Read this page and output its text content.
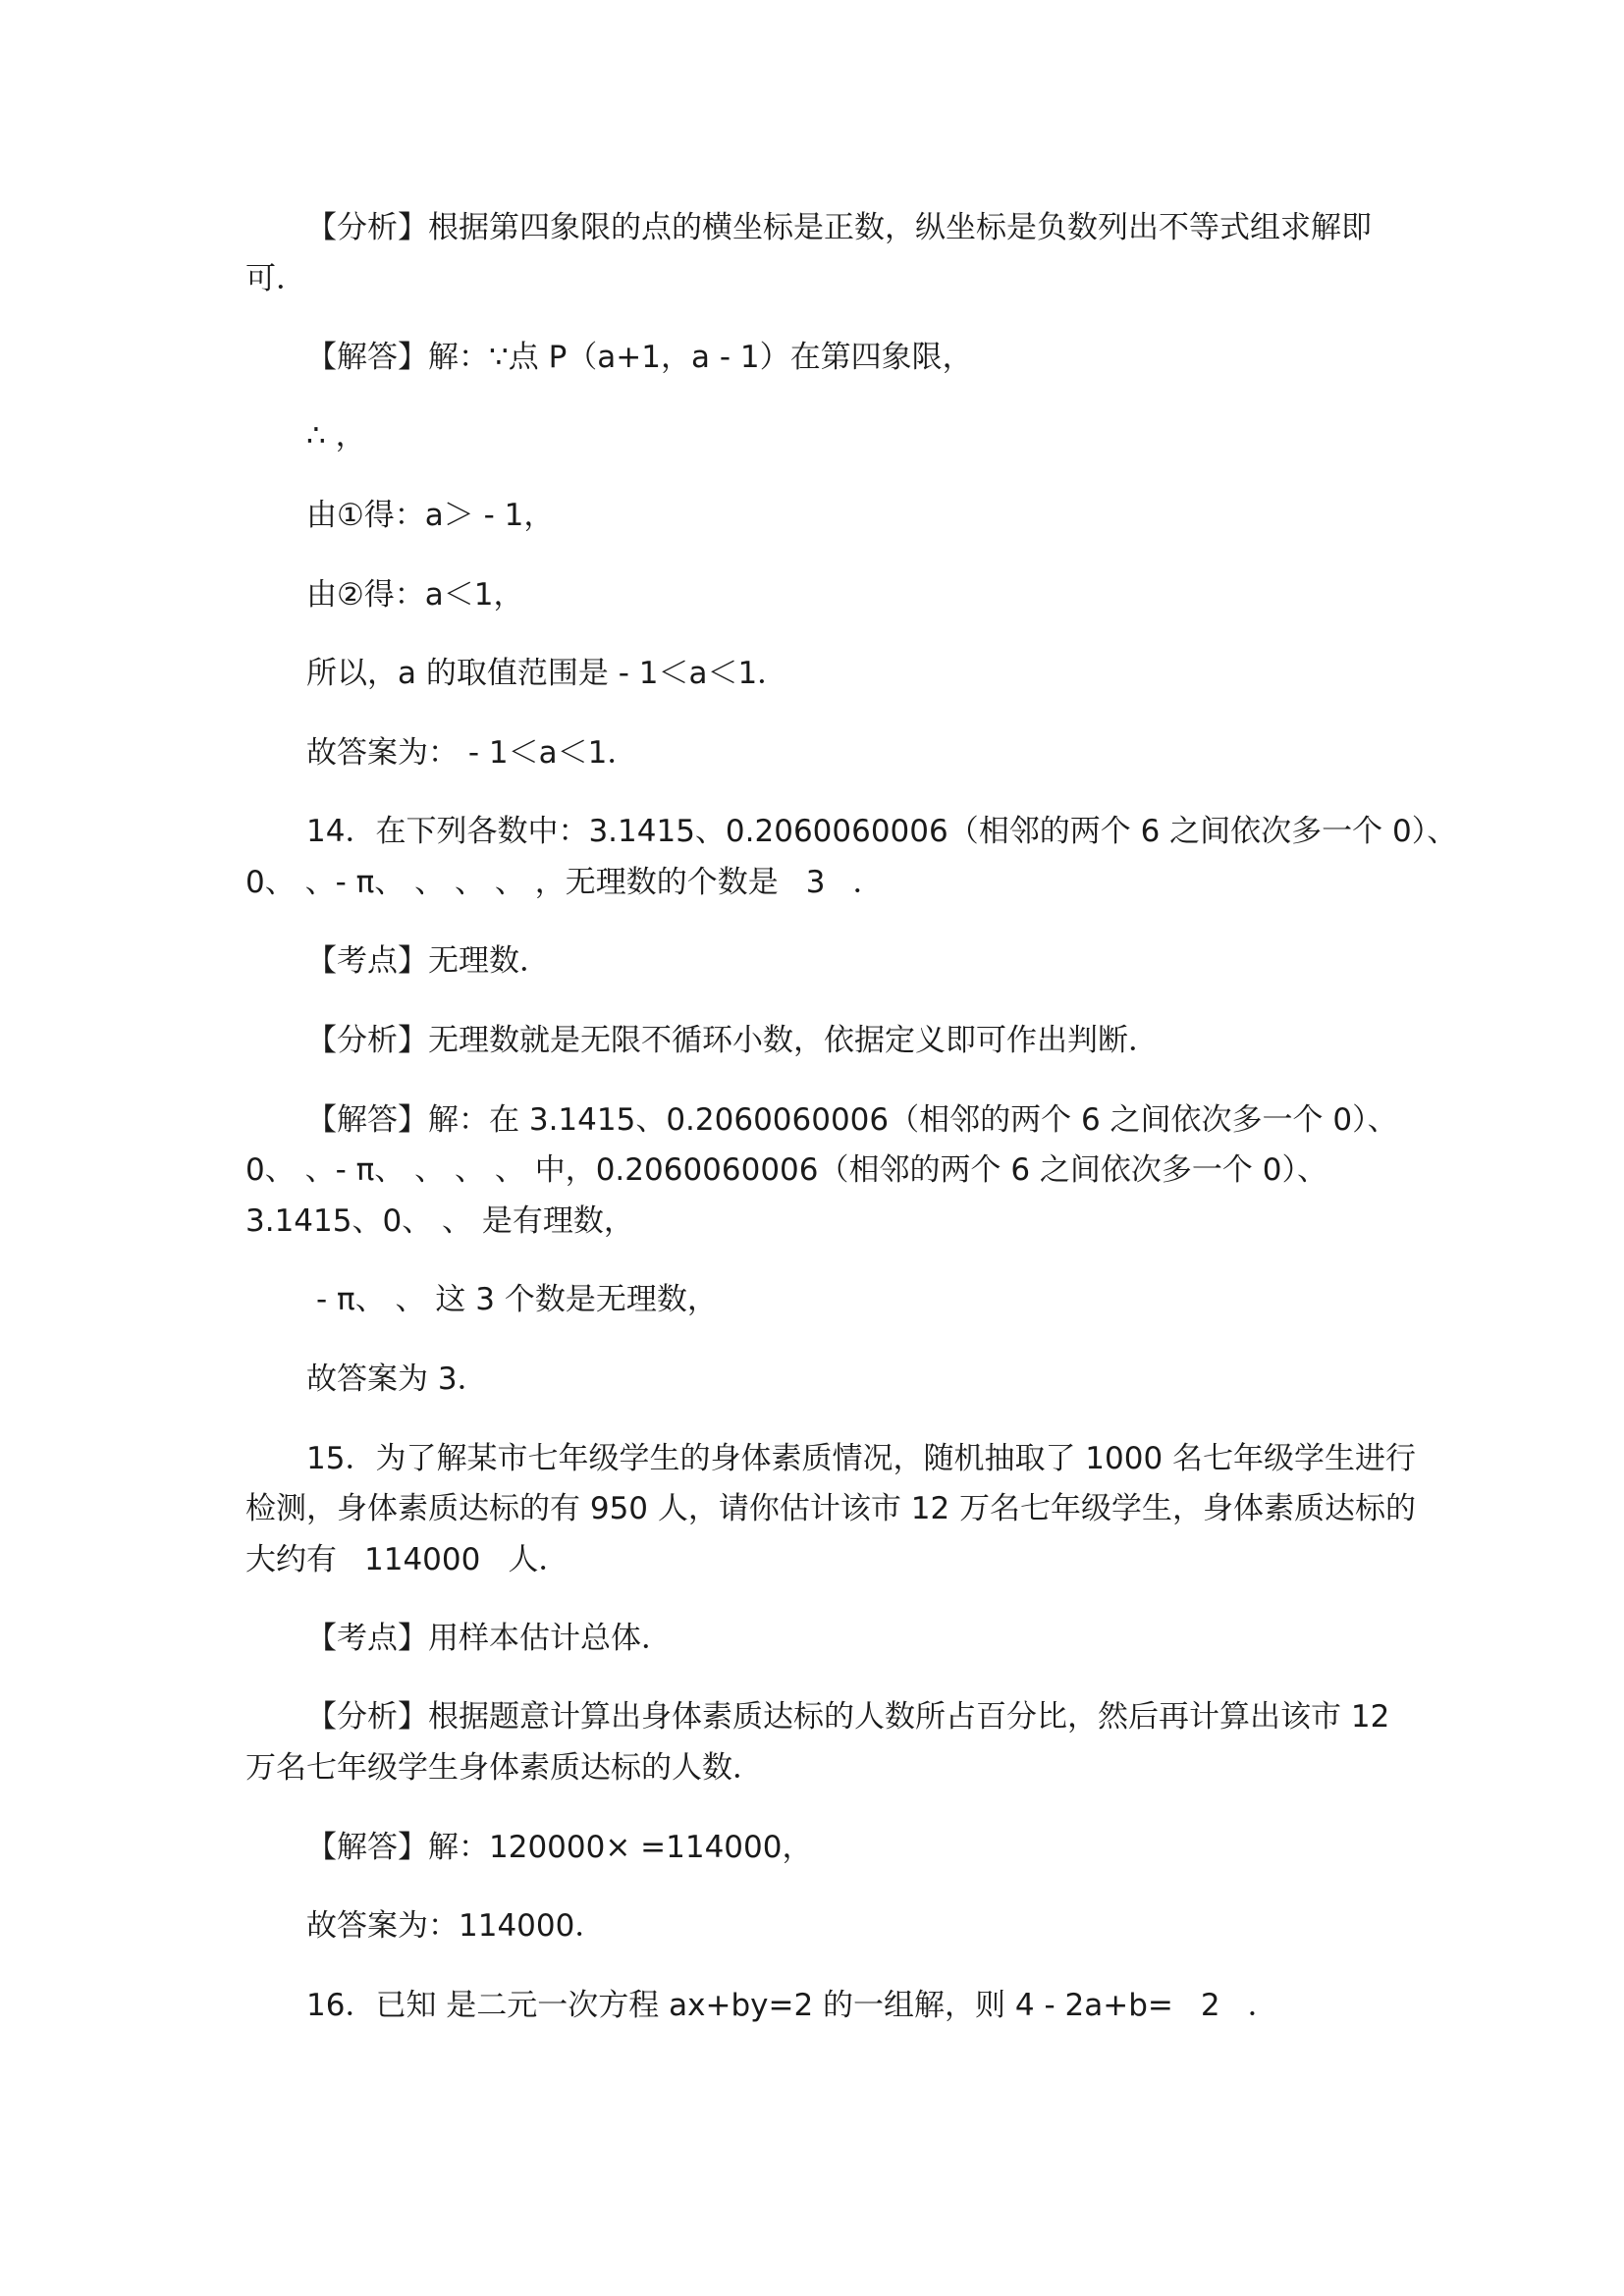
【分析】根据第四象限的点的横坐标是正数，纵坐标是负数列出不等式组求解即
可．
【解答】解：∵点 P（a+1，a - 1）在第四象限，
∴ ，
由①得：a＞ - 1，
由②得：a＜1，
所以，a 的取值范围是 - 1＜a＜1．
故答案为： - 1＜a＜1．
14．在下列各数中：3.1415、0.2060060006（相邻的两个 6 之间依次多一个 0）、
0、 、- π、 、 、 、 ，无理数的个数是 3 ．
【考点】无理数．
【分析】无理数就是无限不循环小数，依据定义即可作出判断．
【解答】解：在 3.1415、0.2060060006（相邻的两个 6 之间依次多一个 0）、
0、 、- π、 、 、 、 中，0.2060060006（相邻的两个 6 之间依次多一个 0）、
3.1415、0、 、 是有理数，
- π、 、 这 3 个数是无理数，
故答案为 3．
15．为了解某市七年级学生的身体素质情况，随机抽取了 1000 名七年级学生进行
检测，身体素质达标的有 950 人，请你估计该市 12 万名七年级学生，身体素质达标的
大约有 114000 人．
【考点】用样本估计总体．
【分析】根据题意计算出身体素质达标的人数所占百分比，然后再计算出该市 12
万名七年级学生身体素质达标的人数．
【解答】解：120000× =114000，
故答案为：114000．
16．已知 是二元一次方程 ax+by=2 的一组解，则 4 - 2a+b= 2 ．
